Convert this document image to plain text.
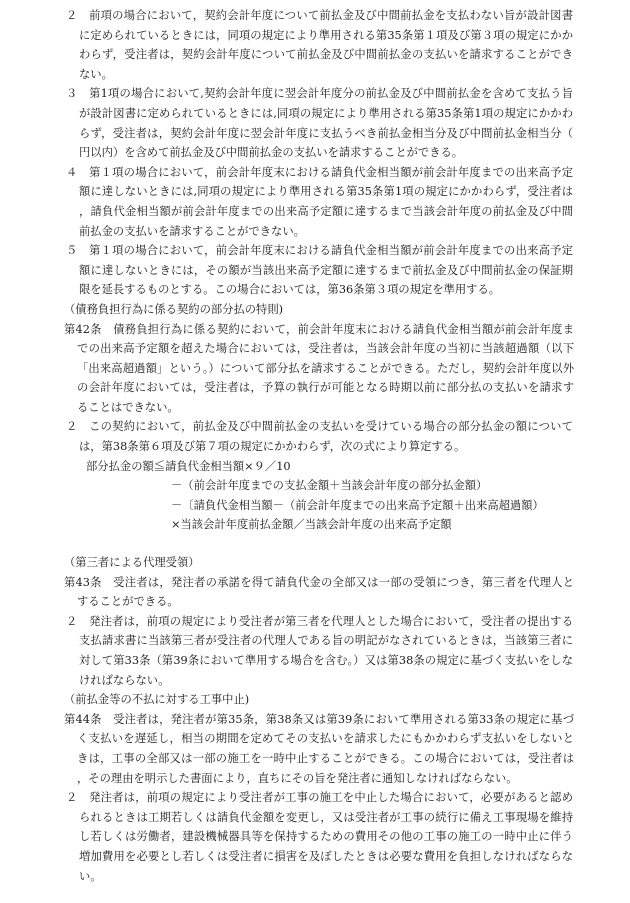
２　前項の場合において，契約会計年度について前払金及び中間前払金を支払わない旨が設計図書に定められているときには，同項の規定により準用される第35条第１項及び第３項の規定にかかわらず，受注者は，契約会計年度について前払金及び中間前払金の支払いを請求することができない。

３　第1項の場合において,契約会計年度に翌会計年度分の前払金及び中間前払金を含めて支払う旨が設計図書に定められているときには,同項の規定により準用される第35条第1項の規定にかかわらず，受注者は，契約会計年度に翌会計年度に支払うべき前払金相当分及び中間前払金相当分（　　　　円以内）を含めて前払金及び中間前払金の支払いを請求することができる。

４　第１項の場合において，前会計年度末における請負代金相当額が前会計年度までの出来高予定額に達しないときには,同項の規定により準用される第35条第1項の規定にかかわらず，受注者は，請負代金相当額が前会計年度までの出来高予定額に達するまで当該会計年度の前払金及び中間前払金の支払いを請求することができない。

５　第１項の場合において，前会計年度末における請負代金相当額が前会計年度までの出来高予定額に達しないときには，その額が当該出来高予定額に達するまで前払金及び中間前払金の保証期限を延長するものとする。この場合においては，第36条第３項の規定を準用する。

（債務負担行為に係る契約の部分払の特則)

第42条　債務負担行為に係る契約において，前会計年度末における請負代金相当額が前会計年度までの出来高予定額を超えた場合においては，受注者は，当該会計年度の当初に当該超過額（以下「出来高超過額」という。）について部分払を請求することができる。ただし，契約会計年度以外の会計年度においては，受注者は，予算の執行が可能となる時期以前に部分払の支払いを請求することはできない。

２　この契約において，前払金及び中間前払金の支払いを受けている場合の部分払金の額については，第38条第６項及び第７項の規定にかかわらず，次の式により算定する。

部分払金の額≦請負代金相当額×９／10

－（前会計年度までの支払金額＋当該会計年度の部分払金額）

－〔請負代金相当額－（前会計年度までの出来高予定額＋出来高超過額）

×当該会計年度前払金額／当該会計年度の出来高予定額

（第三者による代理受領）

第43条　受注者は，発注者の承諾を得て請負代金の全部又は一部の受領につき，第三者を代理人とすることができる。

２　発注者は，前項の規定により受注者が第三者を代理人とした場合において，受注者の提出する支払請求書に当該第三者が受注者の代理人である旨の明記がなされているときは，当該第三者に対して第33条（第39条において準用する場合を含む。）又は第38条の規定に基づく支払いをしなければならない。

（前払金等の不払に対する工事中止)

第44条　受注者は，発注者が第35条，第38条又は第39条において準用される第33条の規定に基づく支払いを遅延し，相当の期間を定めてその支払いを請求したにもかかわらず支払いをしないときは，工事の全部又は一部の施工を一時中止することができる。この場合においては，受注者は，その理由を明示した書面により，直ちにその旨を発注者に通知しなければならない。

２　発注者は，前項の規定により受注者が工事の施工を中止した場合において，必要があると認められるときは工期若しくは請負代金額を変更し，又は受注者が工事の続行に備え工事現場を維持し若しくは労働者，建設機械器具等を保持するための費用その他の工事の施工の一時中止に伴う増加費用を必要とし若しくは受注者に損害を及ぼしたときは必要な費用を負担しなければならない。
